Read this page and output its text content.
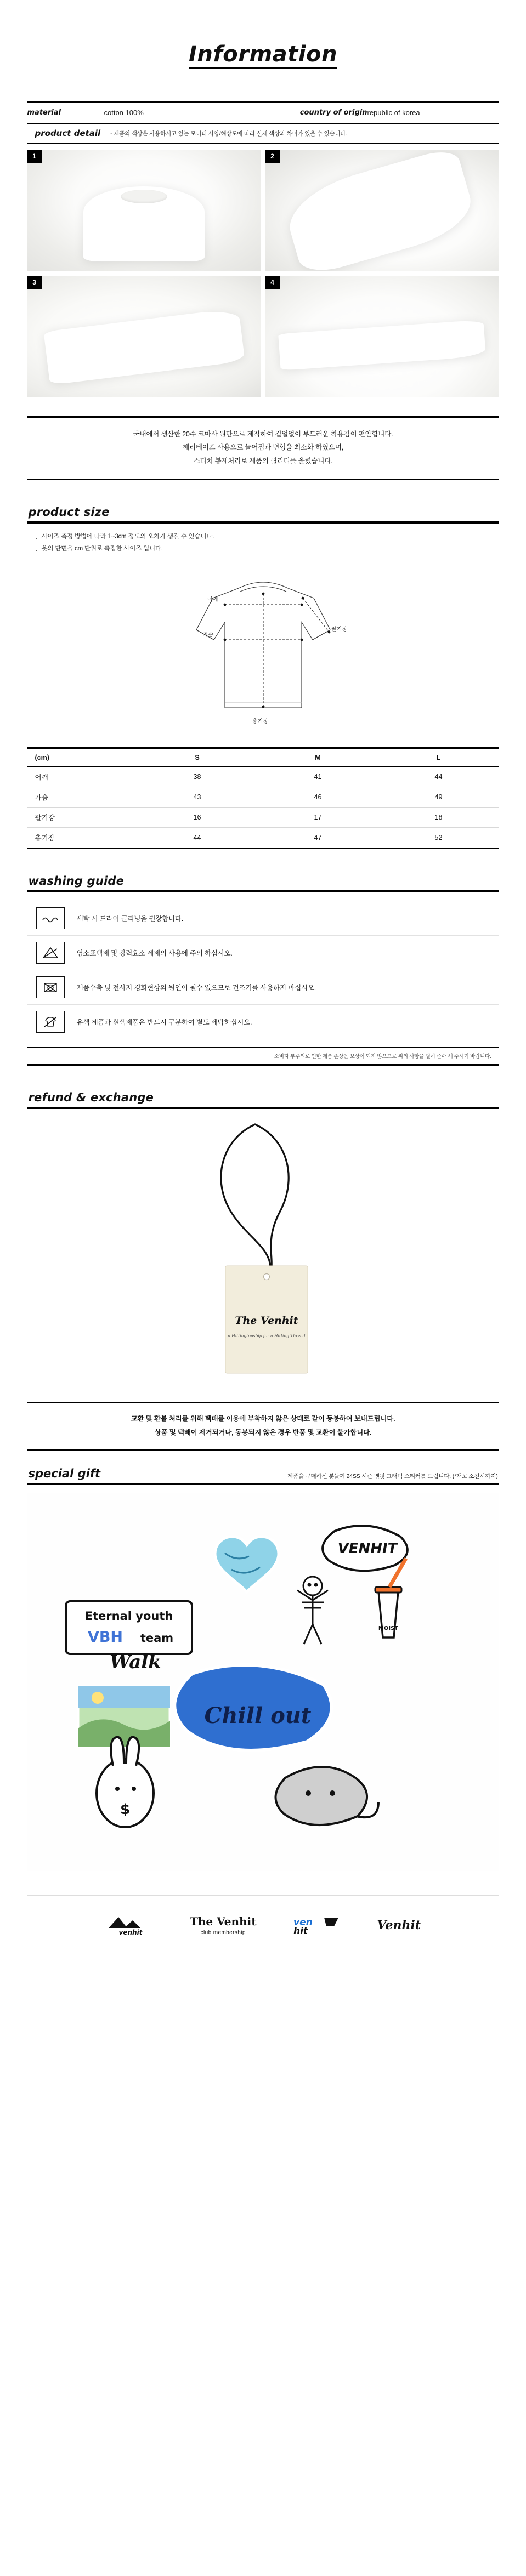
Information
material	cotton 100%	country of origin	republic of korea
product detail - 제품의 색상은 사용하시고 있는 모니터 사양/해상도에 따라 실제 색상과 차이가 있을 수 있습니다.
1	2
3	4
국내에서 생산한 20수 코마사 원단으로 제작하여 겉얼없이 부드러운 착용감이 편안합니다.
헤리테이프 사용으로 늘어짐과 변형을 최소화 하였으며,
스티치 봉제처리로 제품의 퀄리티를 올렸습니다.
product size
· 사이즈 측정 방법에 따라 1~3cm 정도의 오차가 생길 수 있습니다.
· 옷의 단면을 cm 단위로 측정한 사이즈 입니다.
어깨
가슴
팔기장
총기장
(cm)	S	M	L
어깨	38	41	44
가슴	43	46	49
팔기장	16	17	18
총기장	44	47	52
washing guide
세탁 시 드라이 클리닝을 권장합니다.
염소표백제 및 강력효소 세제의 사용에 주의 하십시오.
제품수축 및 전사지 경화현상의 원인이 될수 있으므로 건조기를 사용하지 마십시오.
유색 제품과 흰색제품은 반드시 구분하여 별도 세탁하십시오.
소비자 부주의로 인한 제품 손상은 보상이 되지 않으므로 위의 사항을 필히 준수 해 주시기 바랍니다.
refund & exchange
The Venhit
a Hittingtonsbip for a Hitting Thread
교환 및 환불 처리를 위해 택배를 이용에 부착하지 않은 상태로 같이 동봉하여 보내드립니다.
상품 및 택배이 제거되거나, 동봉되지 않은 경우 반품 및 교환이 불가합니다.
special gift	제품을 구매하신 분들께 24SS 시즌 벤핏 그래픽 스티커를 드립니다. (*재고 소진시까지)
VENHIT
MOIST
Eternal youth
VBH team
Walk
Chill out
$
venhit
The Venhit
club membership
ven
hit	Venhit
